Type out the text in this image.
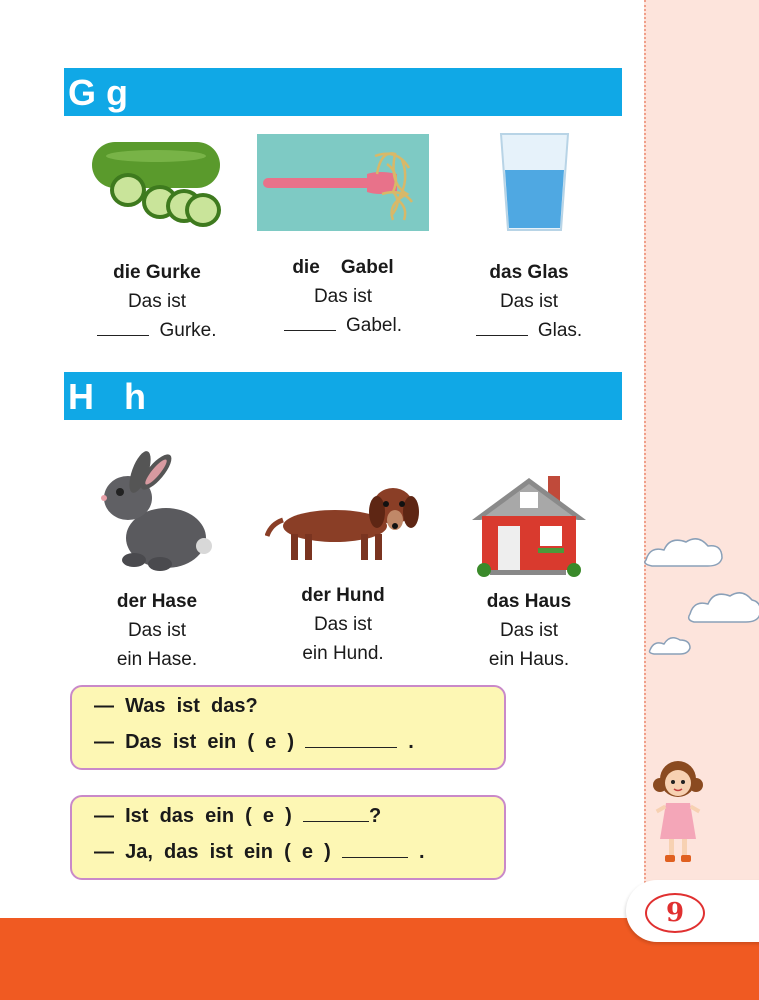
G g
die Gurke
Das ist
Gurke.
die    Gabel
Das ist
Gabel.
das Glas
Das ist
Glas.
H   h
der Hase
Das ist
ein Hase.
der Hund
Das ist
ein Hund.
das Haus
Das ist
ein Haus.
—  Was  ist  das?
—  Das  ist  ein  (  e  )	.
—  Ist  das  ein  (  e  )	?
—  Ja,  das  ist  ein  (  e  )	.
9
